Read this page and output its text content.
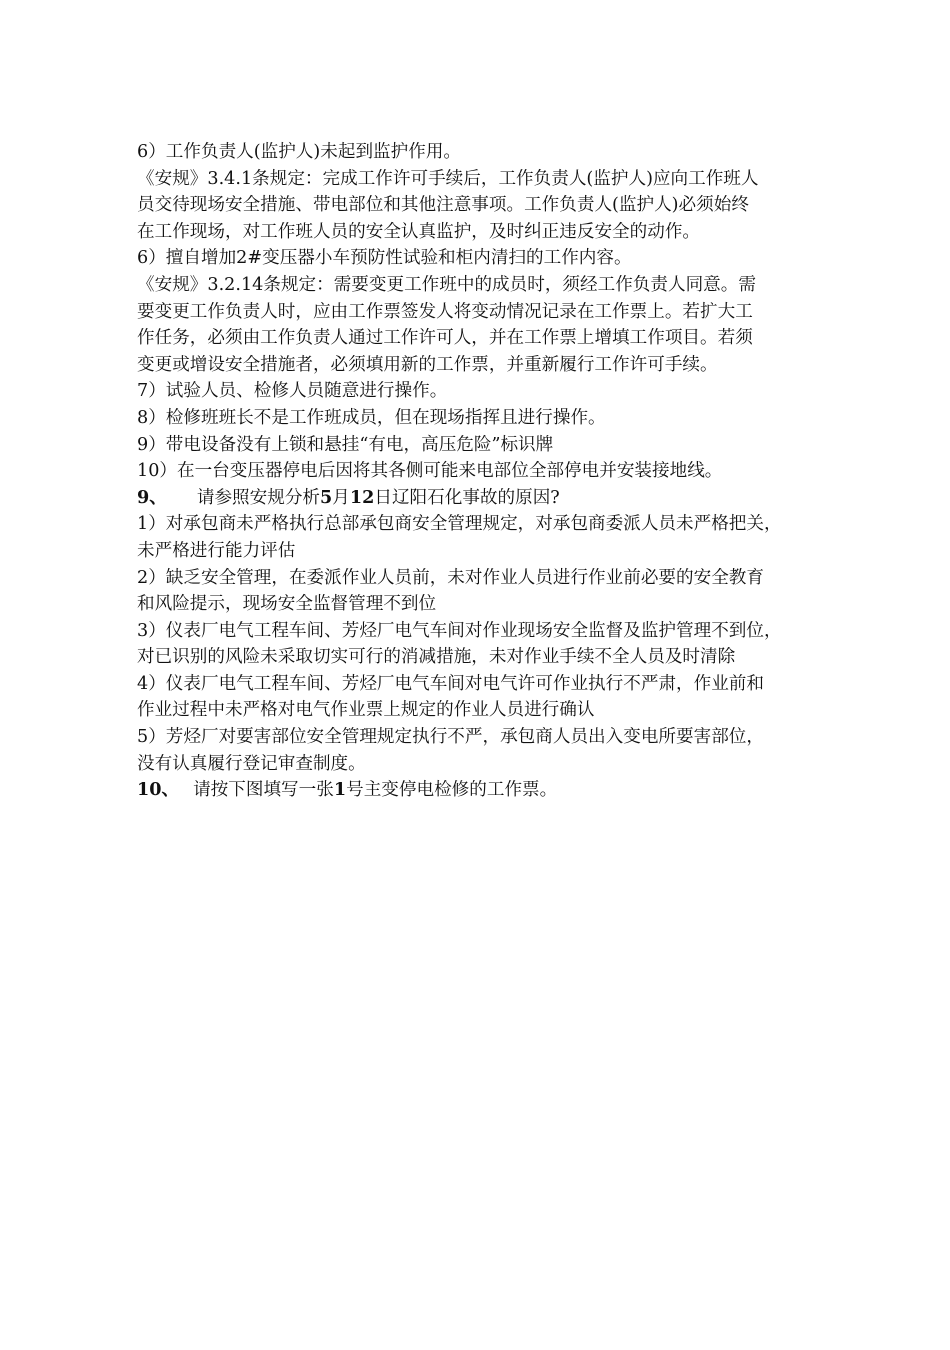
6）工作负责人(监护人)未起到监护作用。
《安规》3.4.1条规定：完成工作许可手续后，工作负责人(监护人)应向工作班人
员交待现场安全措施、带电部位和其他注意事项。工作负责人(监护人)必须始终
在工作现场，对工作班人员的安全认真监护，及时纠正违反安全的动作。
6）擅自增加2#变压器小车预防性试验和柜内清扫的工作内容。
《安规》3.2.14条规定：需要变更工作班中的成员时，须经工作负责人同意。需
要变更工作负责人时，应由工作票签发人将变动情况记录在工作票上。若扩大工
作任务，必须由工作负责人通过工作许可人，并在工作票上增填工作项目。若须
变更或增设安全措施者，必须填用新的工作票，并重新履行工作许可手续。
7）试验人员、检修人员随意进行操作。
8）检修班班长不是工作班成员，但在现场指挥且进行操作。
9）带电设备没有上锁和悬挂“有电，高压危险”标识牌
10）在一台变压器停电后因将其各侧可能来电部位全部停电并安装接地线。
9、 请参照安规分析5月12日辽阳石化事故的原因?
1）对承包商未严格执行总部承包商安全管理规定，对承包商委派人员未严格把关，
未严格进行能力评估
2）缺乏安全管理，在委派作业人员前，未对作业人员进行作业前必要的安全教育
和风险提示，现场安全监督管理不到位
3）仪表厂电气工程车间、芳烃厂电气车间对作业现场安全监督及监护管理不到位，
对已识别的风险未采取切实可行的消减措施，未对作业手续不全人员及时清除
4）仪表厂电气工程车间、芳烃厂电气车间对电气许可作业执行不严肃，作业前和
作业过程中未严格对电气作业票上规定的作业人员进行确认
5）芳烃厂对要害部位安全管理规定执行不严，承包商人员出入变电所要害部位，
没有认真履行登记审查制度。
10、 请按下图填写一张1号主变停电检修的工作票。
